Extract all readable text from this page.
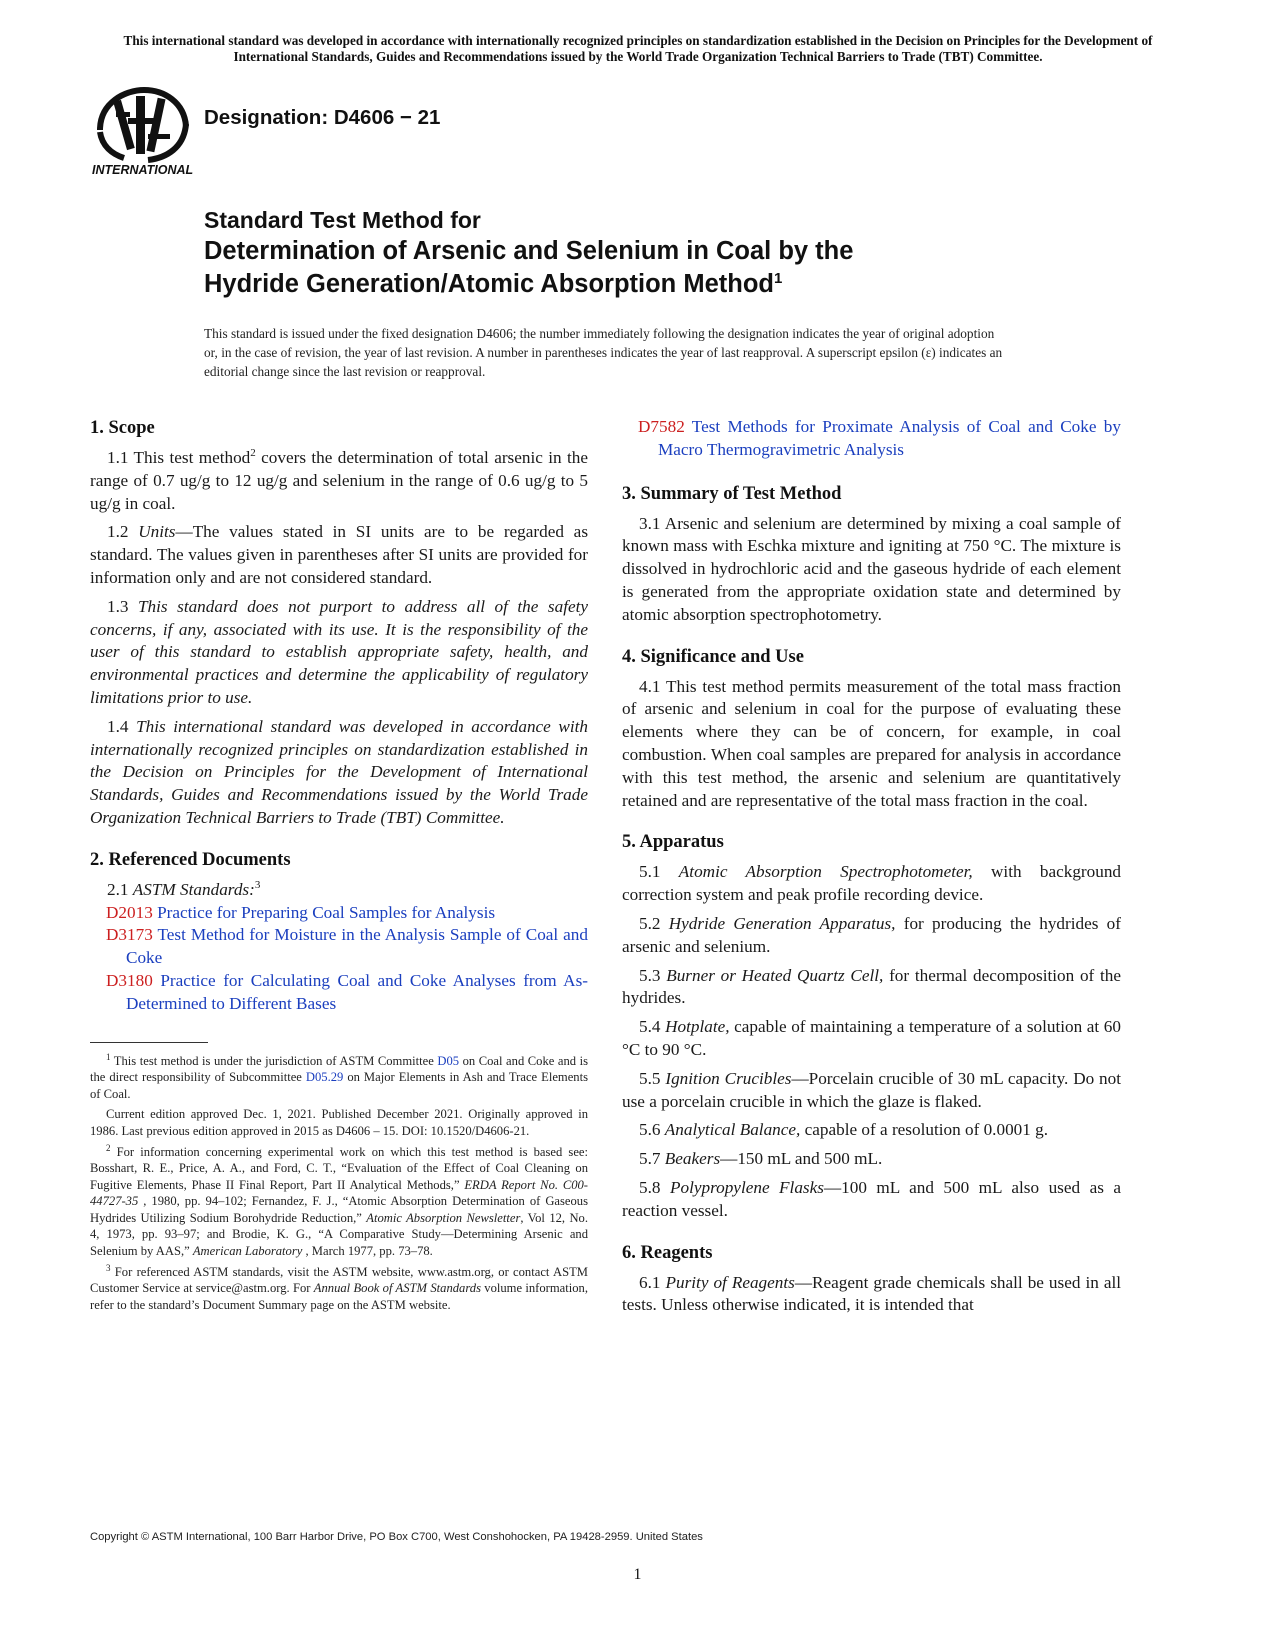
This international standard was developed in accordance with internationally recognized principles on standardization established in the Decision on Principles for the Development of International Standards, Guides and Recommendations issued by the World Trade Organization Technical Barriers to Trade (TBT) Committee.
INTERNATIONAL
Designation: D4606 − 21
Standard Test Method for
Determination of Arsenic and Selenium in Coal by the
Hydride Generation/Atomic Absorption Method$^1$
This standard is issued under the fixed designation D4606; the number immediately following the designation indicates the year of original adoption or, in the case of revision, the year of last revision. A number in parentheses indicates the year of last reapproval. A superscript epsilon (ε) indicates an editorial change since the last revision or reapproval.
1. Scope

1.1 This test method$^2$ covers the determination of total arsenic in the range of 0.7 ug/g to 12 ug/g and selenium in the range of 0.6 ug/g to 5 ug/g in coal.

1.2 Units—The values stated in SI units are to be regarded as standard. The values given in parentheses after SI units are provided for information only and are not considered standard.

1.3 This standard does not purport to address all of the safety concerns, if any, associated with its use. It is the responsibility of the user of this standard to establish appropriate safety, health, and environmental practices and determine the applicability of regulatory limitations prior to use.

1.4 This international standard was developed in accordance with internationally recognized principles on standardization established in the Decision on Principles for the Development of International Standards, Guides and Recommendations issued by the World Trade Organization Technical Barriers to Trade (TBT) Committee.

2. Referenced Documents

2.1 ASTM Standards:$^3$

D2013 Practice for Preparing Coal Samples for Analysis
D3173 Test Method for Moisture in the Analysis Sample of Coal and Coke
D3180 Practice for Calculating Coal and Coke Analyses from As-Determined to Different Bases

$^1$ This test method is under the jurisdiction of ASTM Committee D05 on Coal and Coke and is the direct responsibility of Subcommittee D05.29 on Major Elements in Ash and Trace Elements of Coal.

Current edition approved Dec. 1, 2021. Published December 2021. Originally approved in 1986. Last previous edition approved in 2015 as D4606 – 15. DOI: 10.1520/D4606-21.

$^2$ For information concerning experimental work on which this test method is based see: Bosshart, R. E., Price, A. A., and Ford, C. T., “Evaluation of the Effect of Coal Cleaning on Fugitive Elements, Phase II Final Report, Part II Analytical Methods,” ERDA Report No. C00-44727-35 , 1980, pp. 94–102; Fernandez, F. J., “Atomic Absorption Determination of Gaseous Hydrides Utilizing Sodium Borohydride Reduction,” Atomic Absorption Newsletter, Vol 12, No. 4, 1973, pp. 93–97; and Brodie, K. G., “A Comparative Study—Determining Arsenic and Selenium by AAS,” American Laboratory , March 1977, pp. 73–78.

$^3$ For referenced ASTM standards, visit the ASTM website, www.astm.org, or contact ASTM Customer Service at service@astm.org. For Annual Book of ASTM Standards volume information, refer to the standard’s Document Summary page on the ASTM website.

D7582 Test Methods for Proximate Analysis of Coal and Coke by Macro Thermogravimetric Analysis
3. Summary of Test Method

3.1 Arsenic and selenium are determined by mixing a coal sample of known mass with Eschka mixture and igniting at 750 °C. The mixture is dissolved in hydrochloric acid and the gaseous hydride of each element is generated from the appropriate oxidation state and determined by atomic absorption spectrophotometry.

4. Significance and Use

4.1 This test method permits measurement of the total mass fraction of arsenic and selenium in coal for the purpose of evaluating these elements where they can be of concern, for example, in coal combustion. When coal samples are prepared for analysis in accordance with this test method, the arsenic and selenium are quantitatively retained and are representative of the total mass fraction in the coal.

5. Apparatus

5.1 Atomic Absorption Spectrophotometer, with background correction system and peak profile recording device.

5.2 Hydride Generation Apparatus, for producing the hydrides of arsenic and selenium.

5.3 Burner or Heated Quartz Cell, for thermal decomposition of the hydrides.

5.4 Hotplate, capable of maintaining a temperature of a solution at 60 °C to 90 °C.

5.5 Ignition Crucibles—Porcelain crucible of 30 mL capacity. Do not use a porcelain crucible in which the glaze is flaked.

5.6 Analytical Balance, capable of a resolution of 0.0001 g.

5.7 Beakers—150 mL and 500 mL.

5.8 Polypropylene Flasks—100 mL and 500 mL also used as a reaction vessel.

6. Reagents

6.1 Purity of Reagents—Reagent grade chemicals shall be used in all tests. Unless otherwise indicated, it is intended that

Copyright © ASTM International, 100 Barr Harbor Drive, PO Box C700, West Conshohocken, PA 19428-2959. United States
1
